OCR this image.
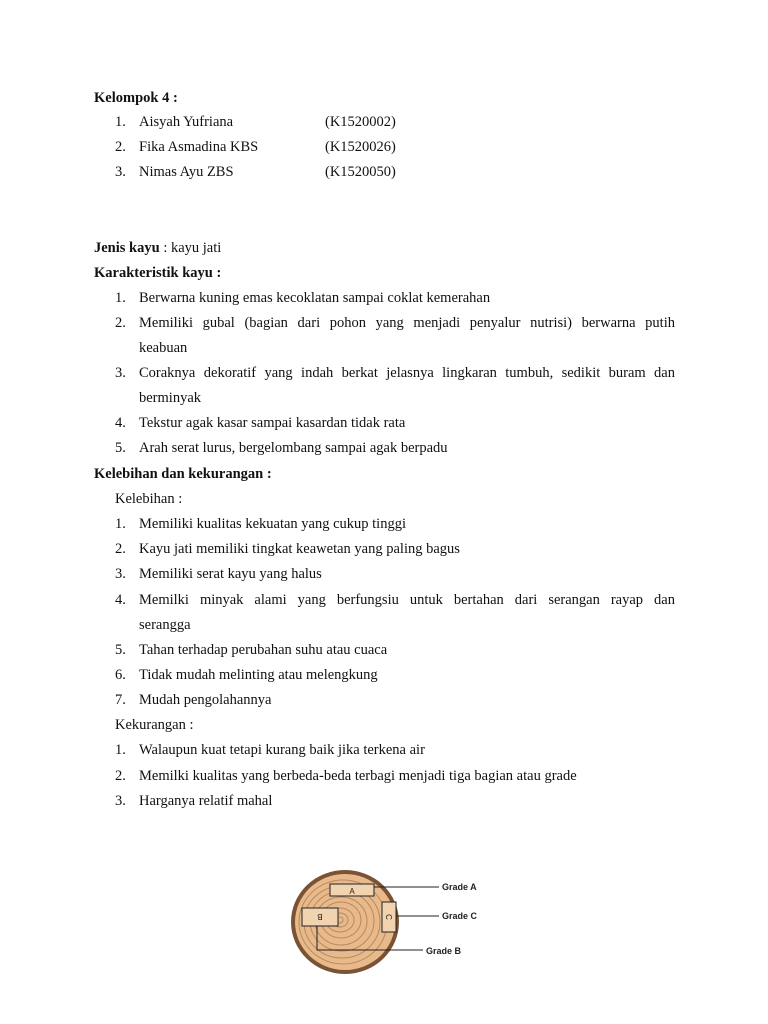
Kelompok 4 :
1. Aisyah Yufriana	(K1520002)
2. Fika Asmadina KBS	(K1520026)
3. Nimas Ayu ZBS	(K1520050)
Jenis kayu : kayu jati
Karakteristik kayu :
1. Berwarna kuning emas kecoklatan sampai coklat kemerahan
2. Memiliki gubal (bagian dari pohon yang menjadi penyalur nutrisi) berwarna putih
keabuan
3. Coraknya dekoratif yang indah berkat jelasnya lingkaran tumbuh, sedikit buram dan
berminyak
4. Tekstur agak kasar sampai kasardan tidak rata
5. Arah serat lurus, bergelombang sampai agak berpadu
Kelebihan dan kekurangan :
Kelebihan :
1. Memiliki kualitas kekuatan yang cukup tinggi
2. Kayu jati memiliki tingkat keawetan yang paling bagus
3. Memiliki serat kayu yang halus
4. Memilki minyak alami yang berfungsiu untuk bertahan dari serangan rayap dan
serangga
5. Tahan terhadap perubahan suhu atau cuaca
6. Tidak mudah melinting atau melengkung
7. Mudah pengolahannya
Kekurangan :
1. Walaupun kuat tetapi kurang baik jika terkena air
2. Memilki kualitas yang berbeda-beda terbagi menjadi tiga bagian atau grade
3. Harganya relatif mahal
A
B	C
Grade A
Grade C
Grade B
